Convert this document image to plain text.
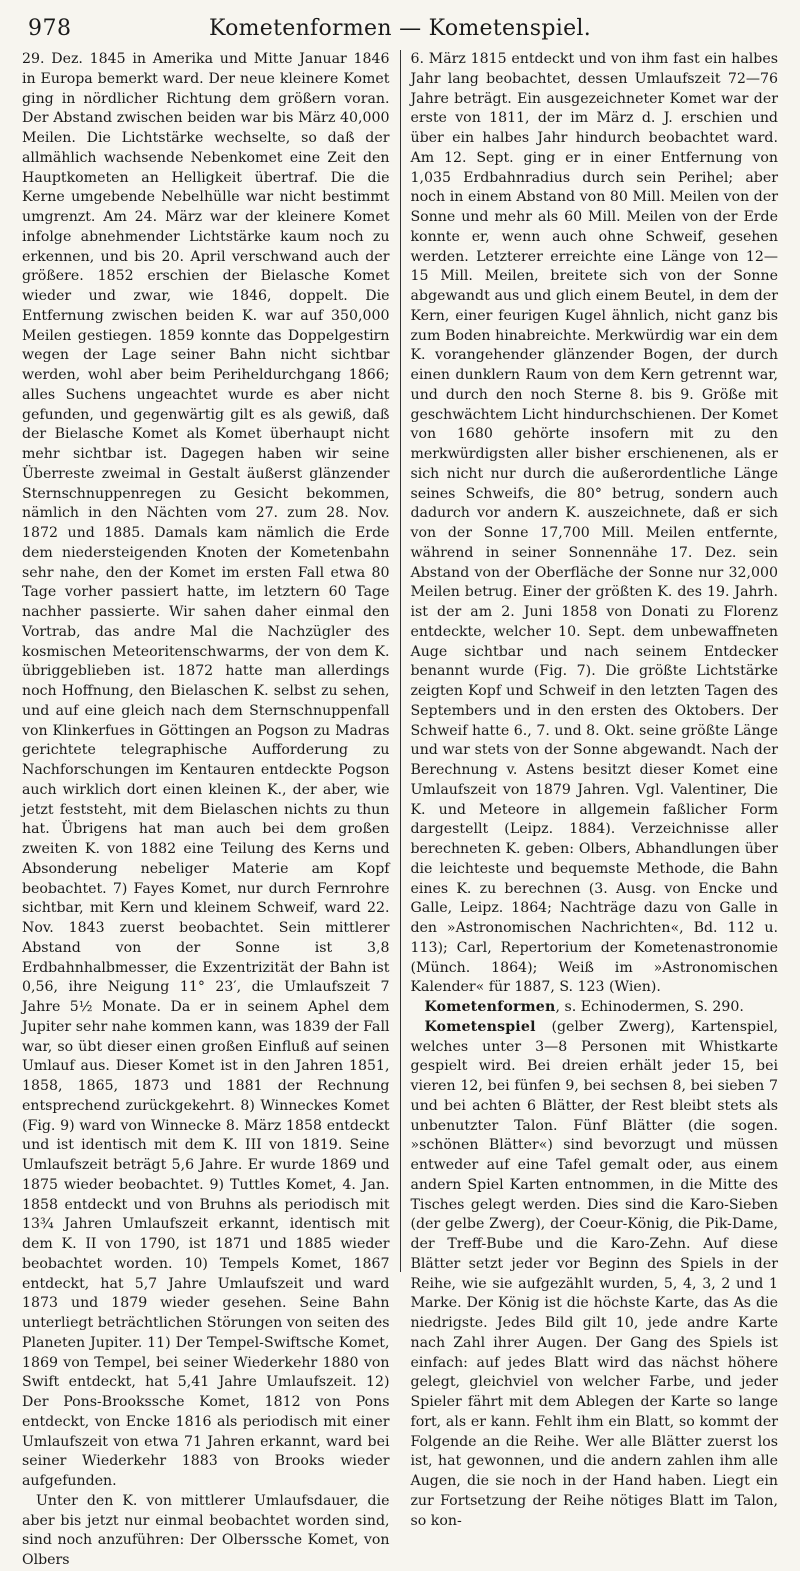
978	Kometenformen — Kometenspiel.

29. Dez. 1845 in Amerika und Mitte Januar 1846 in Europa bemerkt ward. Der neue kleinere Komet ging in nördlicher Richtung dem größern voran. Der Abstand zwischen beiden war bis März 40,000 Meilen. Die Lichtstärke wechselte, so daß der allmählich wachsende Nebenkomet eine Zeit den Hauptkometen an Helligkeit übertraf. Die die Kerne umgebende Nebelhülle war nicht bestimmt umgrenzt. Am 24. März war der kleinere Komet infolge abnehmender Lichtstärke kaum noch zu erkennen, und bis 20. April verschwand auch der größere. 1852 erschien der Bielasche Komet wieder und zwar, wie 1846, doppelt. Die Entfernung zwischen beiden K. war auf 350,000 Meilen gestiegen. 1859 konnte das Doppelgestirn wegen der Lage seiner Bahn nicht sichtbar werden, wohl aber beim Periheldurchgang 1866; alles Suchens ungeachtet wurde es aber nicht gefunden, und gegenwärtig gilt es als gewiß, daß der Bielasche Komet als Komet überhaupt nicht mehr sichtbar ist. Dagegen haben wir seine Überreste zweimal in Gestalt äußerst glänzender Sternschnuppenregen zu Gesicht bekommen, nämlich in den Nächten vom 27. zum 28. Nov. 1872 und 1885. Damals kam nämlich die Erde dem niedersteigenden Knoten der Kometenbahn sehr nahe, den der Komet im ersten Fall etwa 80 Tage vorher passiert hatte, im letztern 60 Tage nachher passierte. Wir sahen daher einmal den Vortrab, das andre Mal die Nachzügler des kosmischen Meteoritenschwarms, der von dem K. übriggeblieben ist. 1872 hatte man allerdings noch Hoffnung, den Bielaschen K. selbst zu sehen, und auf eine gleich nach dem Sternschnuppenfall von Klinkerfues in Göttingen an Pogson zu Madras gerichtete telegraphische Aufforderung zu Nachforschungen im Kentauren entdeckte Pogson auch wirklich dort einen kleinen K., der aber, wie jetzt feststeht, mit dem Bielaschen nichts zu thun hat. Übrigens hat man auch bei dem großen zweiten K. von 1882 eine Teilung des Kerns und Absonderung nebeliger Materie am Kopf beobachtet. 7) Fayes Komet, nur durch Fernrohre sichtbar, mit Kern und kleinem Schweif, ward 22. Nov. 1843 zuerst beobachtet. Sein mittlerer Abstand von der Sonne ist 3,8 Erdbahnhalbmesser, die Exzentrizität der Bahn ist 0,56, ihre Neigung 11° 23′, die Umlaufszeit 7 Jahre 5½ Monate. Da er in seinem Aphel dem Jupiter sehr nahe kommen kann, was 1839 der Fall war, so übt dieser einen großen Einfluß auf seinen Umlauf aus. Dieser Komet ist in den Jahren 1851, 1858, 1865, 1873 und 1881 der Rechnung entsprechend zurückgekehrt. 8) Winneckes Komet (Fig. 9) ward von Winnecke 8. März 1858 entdeckt und ist identisch mit dem K. III von 1819. Seine Umlaufszeit beträgt 5,6 Jahre. Er wurde 1869 und 1875 wieder beobachtet. 9) Tuttles Komet, 4. Jan. 1858 entdeckt und von Bruhns als periodisch mit 13¾ Jahren Umlaufszeit erkannt, identisch mit dem K. II von 1790, ist 1871 und 1885 wieder beobachtet worden. 10) Tempels Komet, 1867 entdeckt, hat 5,7 Jahre Umlaufszeit und ward 1873 und 1879 wieder gesehen. Seine Bahn unterliegt beträchtlichen Störungen von seiten des Planeten Jupiter. 11) Der Tempel-Swiftsche Komet, 1869 von Tempel, bei seiner Wiederkehr 1880 von Swift entdeckt, hat 5,41 Jahre Umlaufszeit. 12) Der Pons-Brookssche Komet, 1812 von Pons entdeckt, von Encke 1816 als periodisch mit einer Umlaufszeit von etwa 71 Jahren erkannt, ward bei seiner Wiederkehr 1883 von Brooks wieder aufgefunden.

Unter den K. von mittlerer Umlaufsdauer, die aber bis jetzt nur einmal beobachtet worden sind, sind noch anzuführen: Der Olberssche Komet, von Olbers

6. März 1815 entdeckt und von ihm fast ein halbes Jahr lang beobachtet, dessen Umlaufszeit 72—76 Jahre beträgt. Ein ausgezeichneter Komet war der erste von 1811, der im März d. J. erschien und über ein halbes Jahr hindurch beobachtet ward. Am 12. Sept. ging er in einer Entfernung von 1,035 Erdbahnradius durch sein Perihel; aber noch in einem Abstand von 80 Mill. Meilen von der Sonne und mehr als 60 Mill. Meilen von der Erde konnte er, wenn auch ohne Schweif, gesehen werden. Letzterer erreichte eine Länge von 12—15 Mill. Meilen, breitete sich von der Sonne abgewandt aus und glich einem Beutel, in dem der Kern, einer feurigen Kugel ähnlich, nicht ganz bis zum Boden hinabreichte. Merkwürdig war ein dem K. vorangehender glänzender Bogen, der durch einen dunklern Raum von dem Kern getrennt war, und durch den noch Sterne 8. bis 9. Größe mit geschwächtem Licht hindurchschienen. Der Komet von 1680 gehörte insofern mit zu den merkwürdigsten aller bisher erschienenen, als er sich nicht nur durch die außerordentliche Länge seines Schweifs, die 80° betrug, sondern auch dadurch vor andern K. auszeichnete, daß er sich von der Sonne 17,700 Mill. Meilen entfernte, während in seiner Sonnennähe 17. Dez. sein Abstand von der Oberfläche der Sonne nur 32,000 Meilen betrug. Einer der größten K. des 19. Jahrh. ist der am 2. Juni 1858 von Donati zu Florenz entdeckte, welcher 10. Sept. dem unbewaffneten Auge sichtbar und nach seinem Entdecker benannt wurde (Fig. 7). Die größte Lichtstärke zeigten Kopf und Schweif in den letzten Tagen des Septembers und in den ersten des Oktobers. Der Schweif hatte 6., 7. und 8. Okt. seine größte Länge und war stets von der Sonne abgewandt. Nach der Berechnung v. Astens besitzt dieser Komet eine Umlaufszeit von 1879 Jahren. Vgl. Valentiner, Die K. und Meteore in allgemein faßlicher Form dargestellt (Leipz. 1884). Verzeichnisse aller berechneten K. geben: Olbers, Abhandlungen über die leichteste und bequemste Methode, die Bahn eines K. zu berechnen (3. Ausg. von Encke und Galle, Leipz. 1864; Nachträge dazu von Galle in den »Astronomischen Nachrichten«, Bd. 112 u. 113); Carl, Repertorium der Kometenastronomie (Münch. 1864); Weiß im »Astronomischen Kalender« für 1887, S. 123 (Wien).

Kometenformen, s. Echinodermen, S. 290.

Kometenspiel (gelber Zwerg), Kartenspiel, welches unter 3—8 Personen mit Whistkarte gespielt wird. Bei dreien erhält jeder 15, bei vieren 12, bei fünfen 9, bei sechsen 8, bei sieben 7 und bei achten 6 Blätter, der Rest bleibt stets als unbenutzter Talon. Fünf Blätter (die sogen. »schönen Blätter«) sind bevorzugt und müssen entweder auf eine Tafel gemalt oder, aus einem andern Spiel Karten entnommen, in die Mitte des Tisches gelegt werden. Dies sind die Karo-Sieben (der gelbe Zwerg), der Coeur-König, die Pik-Dame, der Treff-Bube und die Karo-Zehn. Auf diese Blätter setzt jeder vor Beginn des Spiels in der Reihe, wie sie aufgezählt wurden, 5, 4, 3, 2 und 1 Marke. Der König ist die höchste Karte, das As die niedrigste. Jedes Bild gilt 10, jede andre Karte nach Zahl ihrer Augen. Der Gang des Spiels ist einfach: auf jedes Blatt wird das nächst höhere gelegt, gleichviel von welcher Farbe, und jeder Spieler fährt mit dem Ablegen der Karte so lange fort, als er kann. Fehlt ihm ein Blatt, so kommt der Folgende an die Reihe. Wer alle Blätter zuerst los ist, hat gewonnen, und die andern zahlen ihm alle Augen, die sie noch in der Hand haben. Liegt ein zur Fortsetzung der Reihe nötiges Blatt im Talon, so kon-
